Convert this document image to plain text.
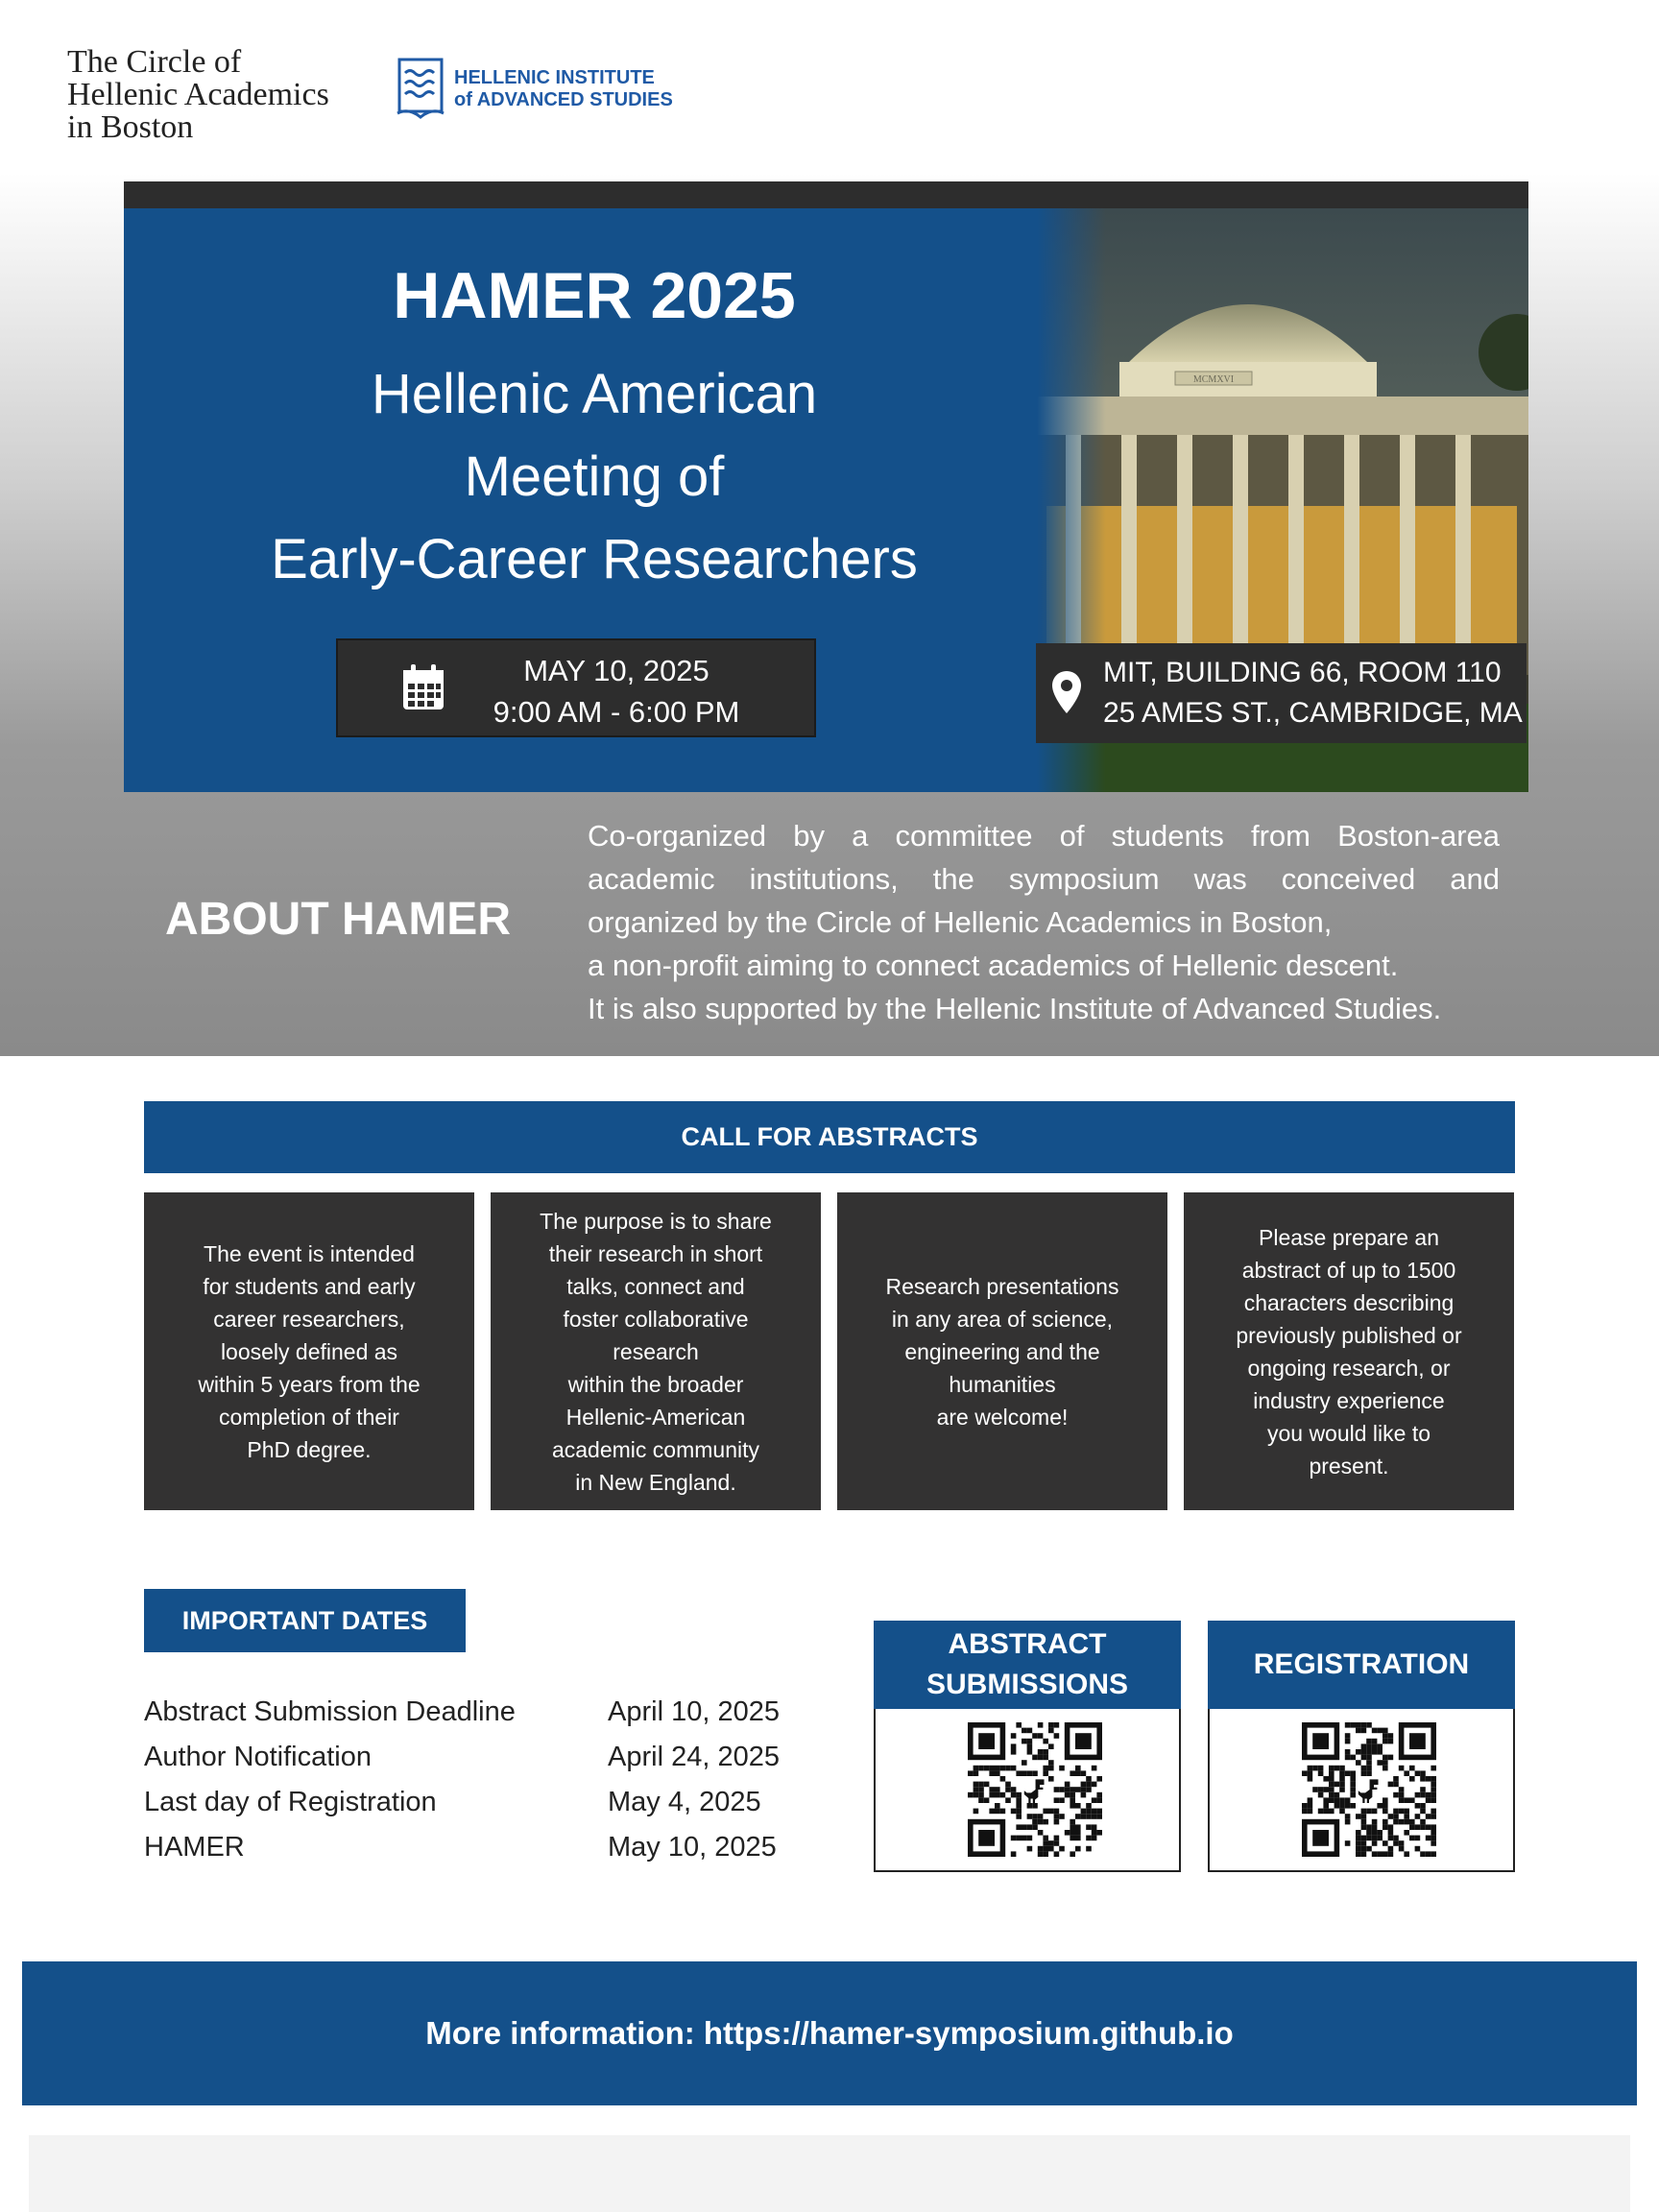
The Circle of
Hellenic Academics
in Boston
HELLENIC INSTITUTE
of ADVANCED STUDIES
HAMER 2025
Hellenic American
Meeting of
Early-Career Researchers
MAY 10, 2025
9:00 AM - 6:00 PM
MIT, BUILDING 66, ROOM 110
25 AMES ST., CAMBRIDGE, MA
ABOUT HAMER
Co-organized by a committee of students from Boston-area
academic institutions, the symposium was conceived and
organized by the Circle of Hellenic Academics in Boston,
a non-profit aiming to connect academics of Hellenic descent.
It is also supported by the Hellenic Institute of Advanced Studies.
CALL FOR ABSTRACTS
The event is intended
for students and early
career researchers,
loosely defined as
within 5 years from the
completion of their
PhD degree.
The purpose is to share
their research in short
talks, connect and
foster collaborative
research
within the broader
Hellenic-American
academic community
in New England.
Research presentations
in any area of science,
engineering and the
humanities
are welcome!
Please prepare an
abstract of up to 1500
characters describing
previously published or
ongoing research, or
industry experience
you would like to
present.
IMPORTANT DATES
Abstract Submission Deadline	April 10, 2025
Author Notification	April 24, 2025
Last day of Registration	May 4, 2025
HAMER	May 10, 2025
ABSTRACT
SUBMISSIONS
REGISTRATION
More information: https://hamer-symposium.github.io
